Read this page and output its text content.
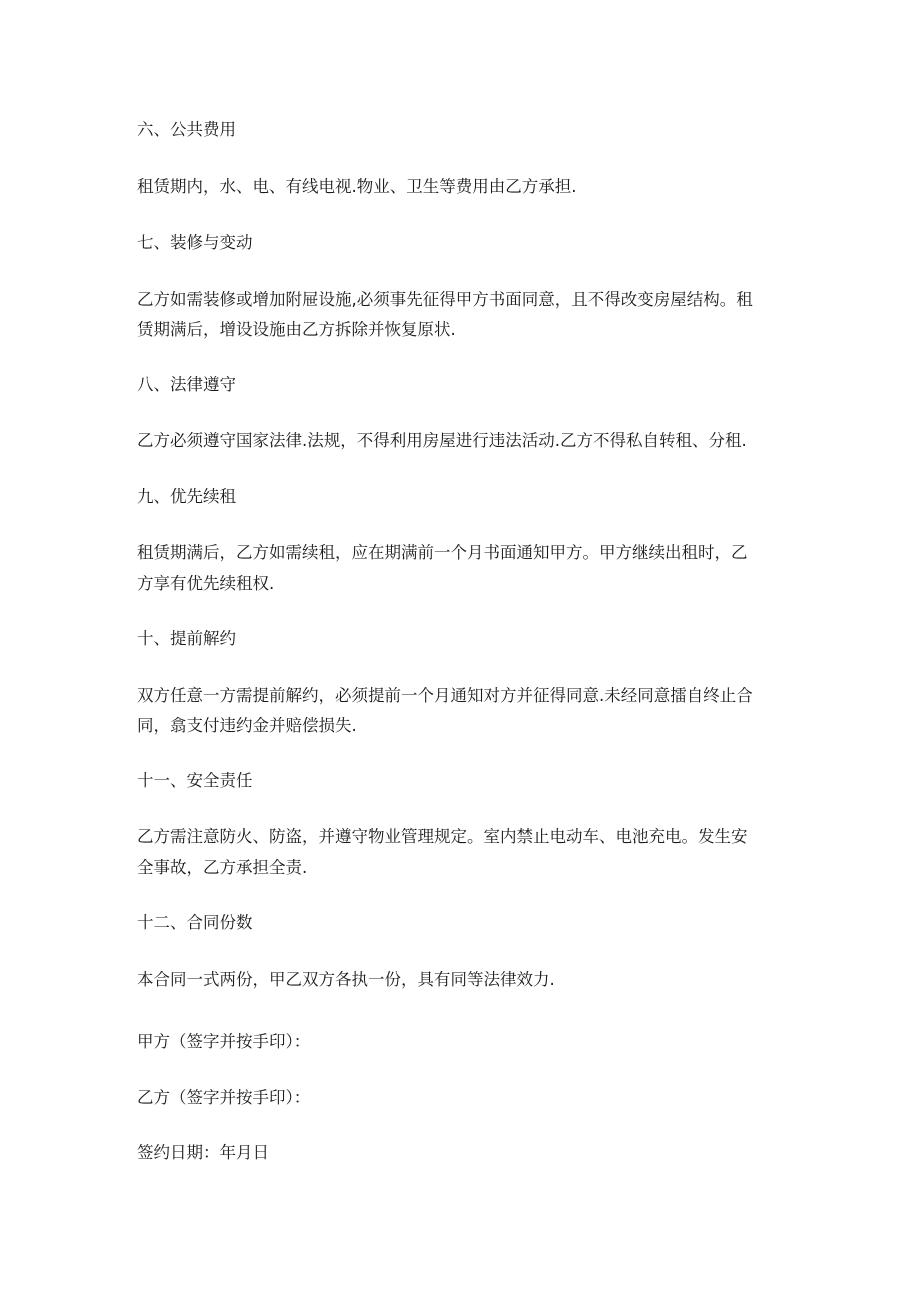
六、公共费用
租赁期内，水、电、有线电视.物业、卫生等费用由乙方承担.
七、装修与变动
乙方如需装修或增加附屉设施,必须事先征得甲方书面同意，且不得改变房屋结构。租
赁期满后，增设设施由乙方拆除并恢复原状.
八、法律遵守
乙方必须遵守国家法律.法规，不得利用房屋进行违法活动.乙方不得私自转租、分租.
九、优先续租
租赁期满后，乙方如需续租，应在期满前一个月书面通知甲方。甲方继续出租时，乙
方享有优先续租权.
十、提前解约
双方任意一方需提前解约，必须提前一个月通知对方并征得同意.未经同意擂自终止合
同，翕支付违约金并赔偿损失.
十一、安全责任
乙方需注意防火、防盗，并遵守物业管理规定。室内禁止电动车、电池充电。发生安
全事故，乙方承担全责.
十二、合同份数
本合同一式两份，甲乙双方各执一份，具有同等法律效力.
甲方（签字并按手印）：
乙方（签字并按手印）：
签约日期：年月日
